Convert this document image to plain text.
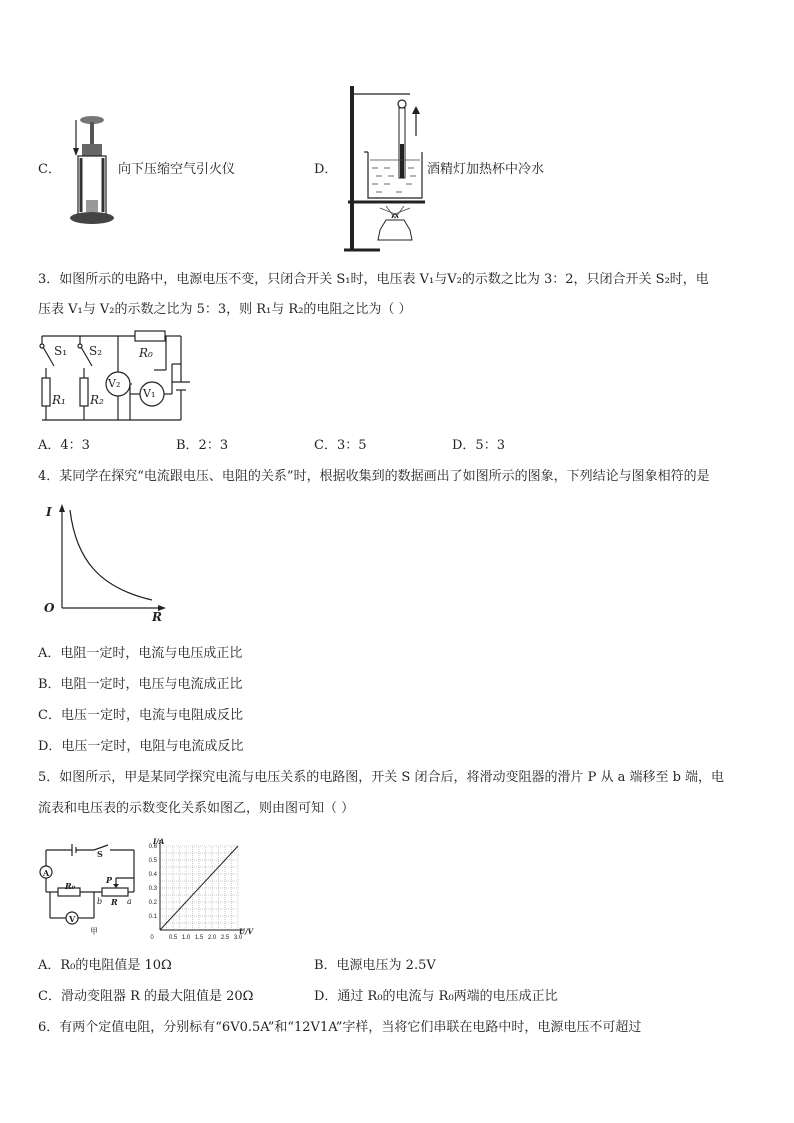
C．	向下压缩空气引火仪	D．	酒精灯加热杯中冷水
3．如图所示的电路中，电源电压不变，只闭合开关 S₁时，电压表 V₁与V₂的示数之比为 3：2，只闭合开关 S₂时，电
压表 V₁与 V₂的示数之比为 5：3，则 R₁与 R₂的电阻之比为（ ）
S₁ S₂	R₀
R₁ R₂
V₂
V₁
A．4：3	B．2：3	C．3：5	D．5：3
4．某同学在探究“电流跟电压、电阻的关系”时，根据收集到的数据画出了如图所示的图象，下列结论与图象相符的是
I
O
R
A．电阻一定时，电流与电压成正比
B．电阻一定时，电压与电流成正比
C．电压一定时，电流与电阻成反比
D．电压一定时，电阻与电流成反比
5．如图所示，甲是某同学探究电流与电压关系的电路图，开关 S 闭合后，将滑动变阻器的滑片 P 从 a 端移至 b 端，电
流表和电压表的示数变化关系如图乙，则由图可知（ ）
S
A
R₀
P
b R a
V
甲
0.6
0.5
0.4
0.3
0.2
0.1
0	0.5 1.0 1.5 2.0 2.5 3.0
I/A
U/V
A．R₀的电阻值是 10Ω	B．电源电压为 2.5V
C．滑动变阻器 R 的最大阻值是 20Ω	D．通过 R₀的电流与 R₀两端的电压成正比
6．有两个定值电阻，分别标有“6V0.5A”和“12V1A”字样，当将它们串联在电路中时，电源电压不可超过
